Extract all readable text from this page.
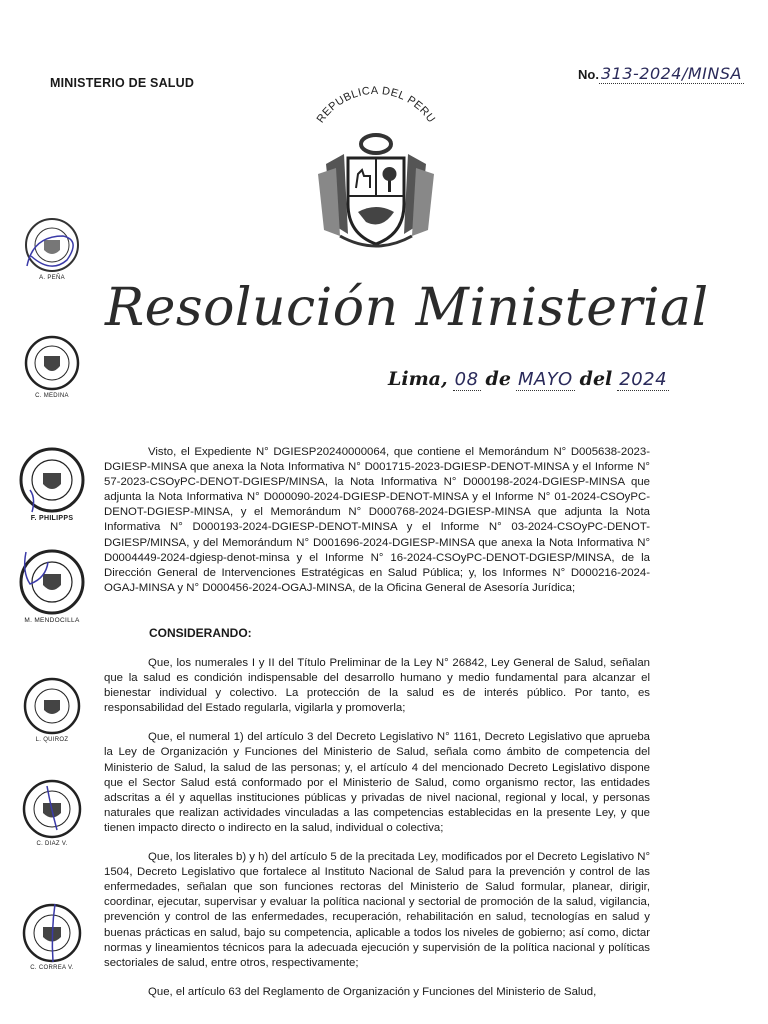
MINISTERIO DE SALUD
No. 313-2024/MINSA
REPUBLICA DEL PERU
Resolución Ministerial
Lima, 08 de MAYO del 2024
A. PEÑA
C. MEDINA
F. PHILIPPS
M. MENDOCILLA
L. QUIROZ
C. DIAZ V.
C. CORREA V.

Visto, el Expediente N° DGIESP20240000064, que contiene el Memorándum N° D005638-2023-DGIESP-MINSA que anexa la Nota Informativa N° D001715-2023-DGIESP-DENOT-MINSA y el Informe N° 57-2023-CSOyPC-DENOT-DGIESP/MINSA, la Nota Informativa N° D000198-2024-DGIESP-MINSA que adjunta la Nota Informativa N° D000090-2024-DGIESP-DENOT-MINSA y el Informe N° 01-2024-CSOyPC-DENOT-DGIESP-MINSA, y el Memorándum N° D000768-2024-DGIESP-MINSA que adjunta la Nota Informativa N° D000193-2024-DGIESP-DENOT-MINSA y el Informe N° 03-2024-CSOyPC-DENOT-DGIESP/MINSA, y del Memorándum N° D001696-2024-DGIESP-MINSA que anexa la Nota Informativa N° D0004449-2024-dgiesp-denot-minsa y el Informe N° 16-2024-CSOyPC-DENOT-DGIESP/MINSA, de la Dirección General de Intervenciones Estratégicas en Salud Pública; y, los Informes N° D000216-2024-OGAJ-MINSA y N° D000456-2024-OGAJ-MINSA, de la Oficina General de Asesoría Jurídica;

CONSIDERANDO:

Que, los numerales I y II del Título Preliminar de la Ley N° 26842, Ley General de Salud, señalan que la salud es condición indispensable del desarrollo humano y medio fundamental para alcanzar el bienestar individual y colectivo. La protección de la salud es de interés público. Por tanto, es responsabilidad del Estado regularla, vigilarla y promoverla;

Que, el numeral 1) del artículo 3 del Decreto Legislativo N° 1161, Decreto Legislativo que aprueba la Ley de Organización y Funciones del Ministerio de Salud, señala como ámbito de competencia del Ministerio de Salud, la salud de las personas; y, el artículo 4 del mencionado Decreto Legislativo dispone que el Sector Salud está conformado por el Ministerio de Salud, como organismo rector, las entidades adscritas a él y aquellas instituciones públicas y privadas de nivel nacional, regional y local, y personas naturales que realizan actividades vinculadas a las competencias establecidas en la presente Ley, y que tienen impacto directo o indirecto en la salud, individual o colectiva;

Que, los literales b) y h) del artículo 5 de la precitada Ley, modificados por el Decreto Legislativo N° 1504, Decreto Legislativo que fortalece al Instituto Nacional de Salud para la prevención y control de las enfermedades, señalan que son funciones rectoras del Ministerio de Salud formular, planear, dirigir, coordinar, ejecutar, supervisar y evaluar la política nacional y sectorial de promoción de la salud, vigilancia, prevención y control de las enfermedades, recuperación, rehabilitación en salud, tecnologías en salud y buenas prácticas en salud, bajo su competencia, aplicable a todos los niveles de gobierno; así como, dictar normas y lineamientos técnicos para la adecuada ejecución y supervisión de la política nacional y políticas sectoriales de salud, entre otros, respectivamente;

Que, el artículo 63 del Reglamento de Organización y Funciones del Ministerio de Salud,
